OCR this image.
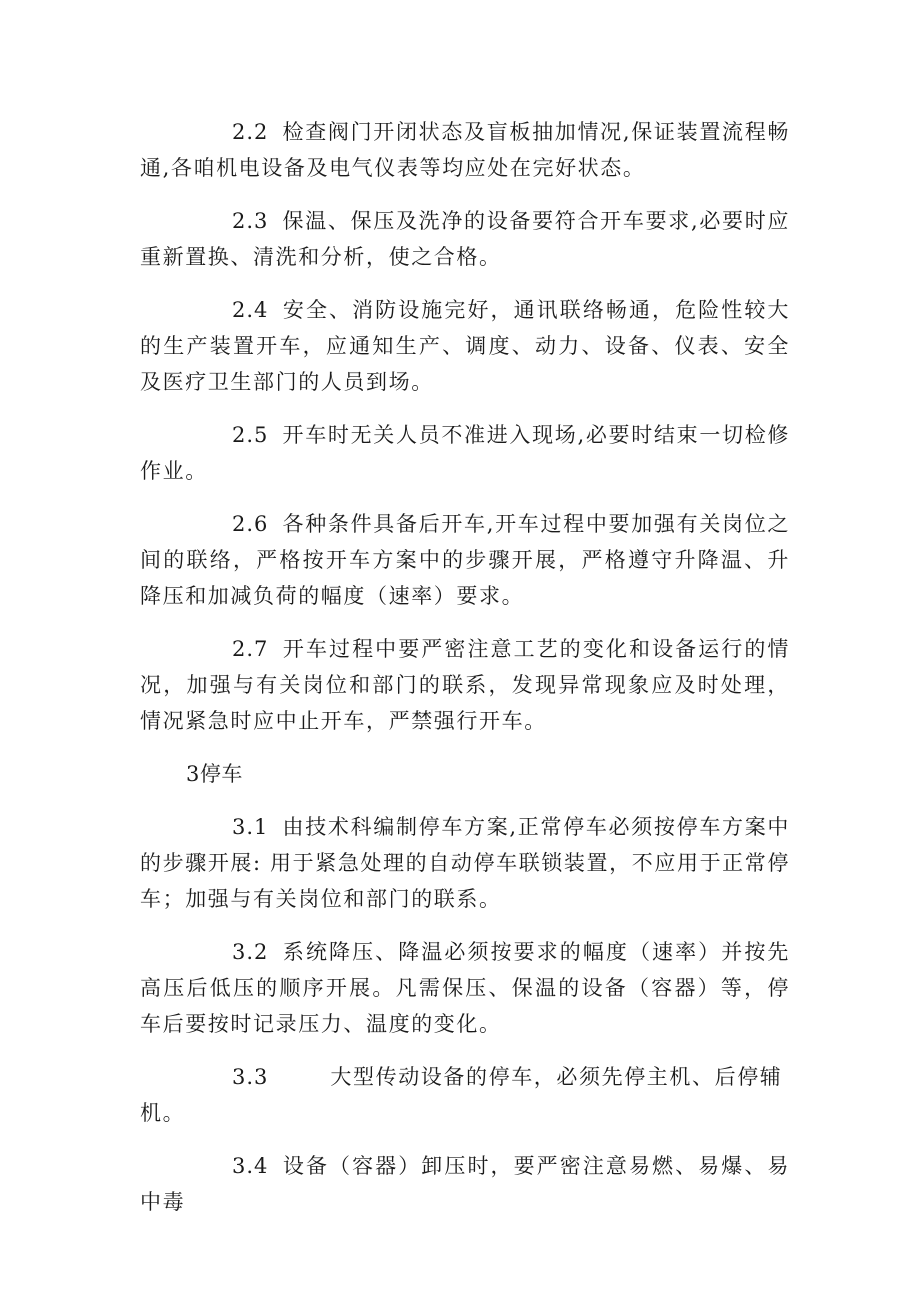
2.2 检查阀门开闭状态及盲板抽加情况,保证装置流程畅通,各咱机电设备及电气仪表等均应处在完好状态。

2.3 保温、保压及洗净的设备要符合开车要求,必要时应重新置换、清洗和分析，使之合格。

2.4 安全、消防设施完好，通讯联络畅通，危险性较大的生产装置开车，应通知生产、调度、动力、设备、仪表、安全及医疗卫生部门的人员到场。

2.5 开车时无关人员不准进入现场,必要时结束一切检修作业。

2.6 各种条件具备后开车,开车过程中要加强有关岗位之间的联络，严格按开车方案中的步骤开展，严格遵守升降温、升降压和加减负荷的幅度（速率）要求。

2.7 开车过程中要严密注意工艺的变化和设备运行的情况，加强与有关岗位和部门的联系，发现异常现象应及时处理，情况紧急时应中止开车，严禁强行开车。

3停车

3.1 由技术科编制停车方案,正常停车必须按停车方案中的步骤开展: 用于紧急处理的自动停车联锁装置，不应用于正常停车；加强与有关岗位和部门的联系。

3.2 系统降压、降温必须按要求的幅度（速率）并按先高压后低压的顺序开展。凡需保压、保温的设备（容器）等，停车后要按时记录压力、温度的变化。

3.3	大型传动设备的停车，必须先停主机、后停辅机。

3.4 设备（容器）卸压时，要严密注意易燃、易爆、易中毒
